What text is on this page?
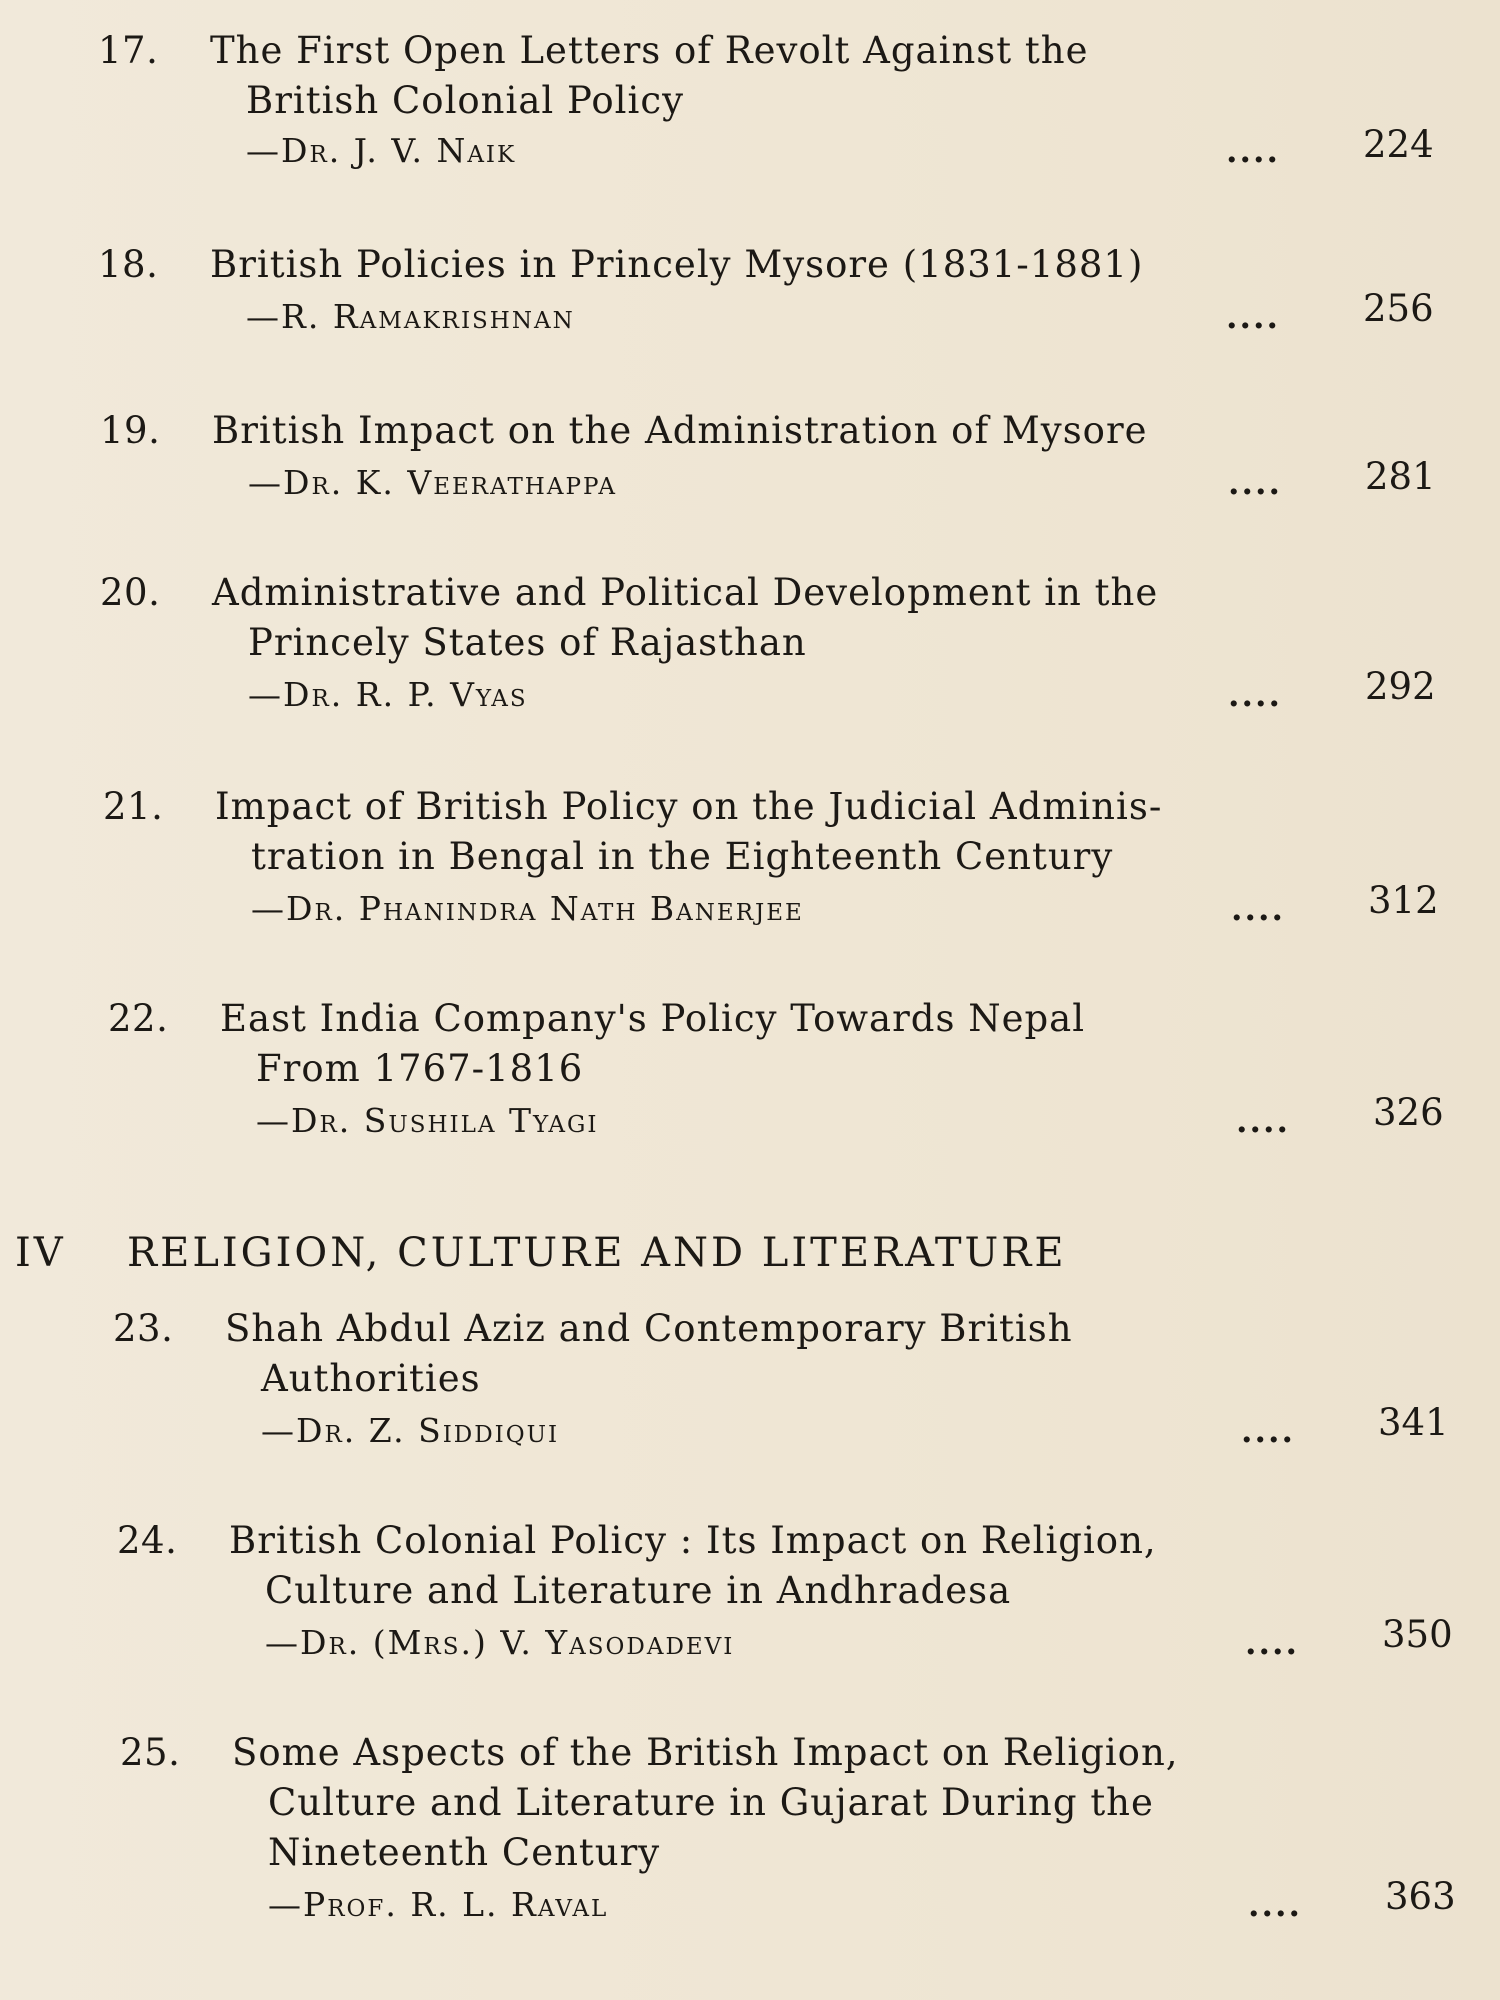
17. The First Open Letters of Revolt Against the
British Colonial Policy
—Dr. J. V. Naik	.... 224
18. British Policies in Princely Mysore (1831-1881)
—R. Ramakrishnan	.... 256
19. British Impact on the Administration of Mysore
—Dr. K. Veerathappa	.... 281
20. Administrative and Political Development in the
Princely States of Rajasthan
—Dr. R. P. Vyas	.... 292
21. Impact of British Policy on the Judicial Adminis-
tration in Bengal in the Eighteenth Century
—Dr. Phanindra Nath Banerjee	.... 312
22. East India Company's Policy Towards Nepal
From 1767-1816
—Dr. Sushila Tyagi	.... 326
IV RELIGION, CULTURE AND LITERATURE
23. Shah Abdul Aziz and Contemporary British
Authorities
—Dr. Z. Siddiqui	.... 341
24. British Colonial Policy : Its Impact on Religion,
Culture and Literature in Andhradesa
—Dr. (Mrs.) V. Yasodadevi	.... 350
25. Some Aspects of the British Impact on Religion,
Culture and Literature in Gujarat During the
Nineteenth Century
—Prof. R. L. Raval	.... 363
